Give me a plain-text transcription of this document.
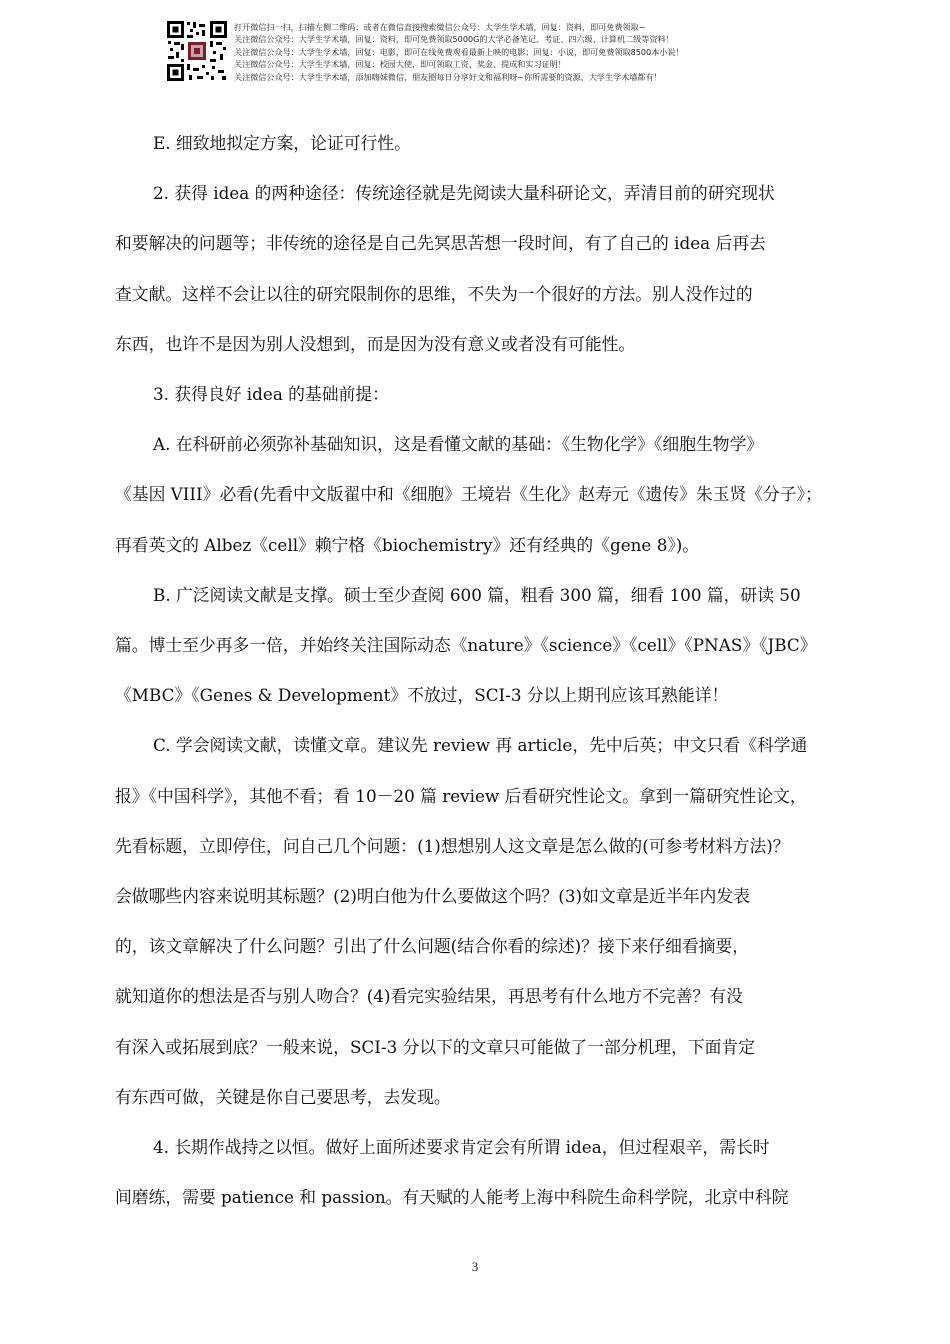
打开微信扫一扫，扫描左侧二维码；或者在微信直接搜索微信公众号：大学生学术墙，回复：资料，即可免费领取~
关注微信公众号：大学生学术墙，回复：资料，即可免费领取5000G的大学必备笔记、考证、四六级、计算机二级等资料！
关注微信公众号：大学生学术墙，回复：电影，即可在线免费观看最新上映的电影；回复：小说，即可免费领取8500本小说！
关注微信公众号：大学生学术墙，回复：校园大使，即可领取工资、奖金、提成和实习证明！
关注微信公众号：大学生学术墙，添加嗨妹微信，朋友圈每日分享好文和福利呀~你所需要的资源，大学生学术墙都有！

E. 细致地拟定方案，论证可行性。

2. 获得 idea 的两种途径：传统途径就是先阅读大量科研论文，弄清目前的研究现状

和要解决的问题等；非传统的途径是自己先冥思苦想一段时间，有了自己的 idea 后再去

查文献。这样不会让以往的研究限制你的思维，不失为一个很好的方法。别人没作过的

东西，也许不是因为别人没想到，而是因为没有意义或者没有可能性。

3. 获得良好 idea 的基础前提：

A. 在科研前必须弥补基础知识，这是看懂文献的基础：《生物化学》《细胞生物学》

《基因 VIII》必看(先看中文版翟中和《细胞》王境岩《生化》赵寿元《遗传》朱玉贤《分子》；

再看英文的 Albez《cell》赖宁格《biochemistry》还有经典的《gene 8》)。

B. 广泛阅读文献是支撑。硕士至少查阅 600 篇，粗看 300 篇，细看 100 篇，研读 50

篇。博士至少再多一倍，并始终关注国际动态《nature》《science》《cell》《PNAS》《JBC》

《MBC》《Genes & Development》不放过，SCI-3 分以上期刊应该耳熟能详！

C. 学会阅读文献，读懂文章。建议先 review 再 article，先中后英；中文只看《科学通

报》《中国科学》，其他不看；看 10－20 篇 review 后看研究性论文。拿到一篇研究性论文，

先看标题，立即停住，问自己几个问题：(1)想想别人这文章是怎么做的(可参考材料方法)？

会做哪些内容来说明其标题？(2)明白他为什么要做这个吗？(3)如文章是近半年内发表

的，该文章解决了什么问题？引出了什么问题(结合你看的综述)？接下来仔细看摘要，

就知道你的想法是否与别人吻合？(4)看完实验结果，再思考有什么地方不完善？有没

有深入或拓展到底？一般来说，SCI-3 分以下的文章只可能做了一部分机理，下面肯定

有东西可做，关键是你自己要思考，去发现。

4. 长期作战持之以恒。做好上面所述要求肯定会有所谓 idea，但过程艰辛，需长时

间磨练，需要 patience 和 passion。有天赋的人能考上海中科院生命科学院，北京中科院

3
